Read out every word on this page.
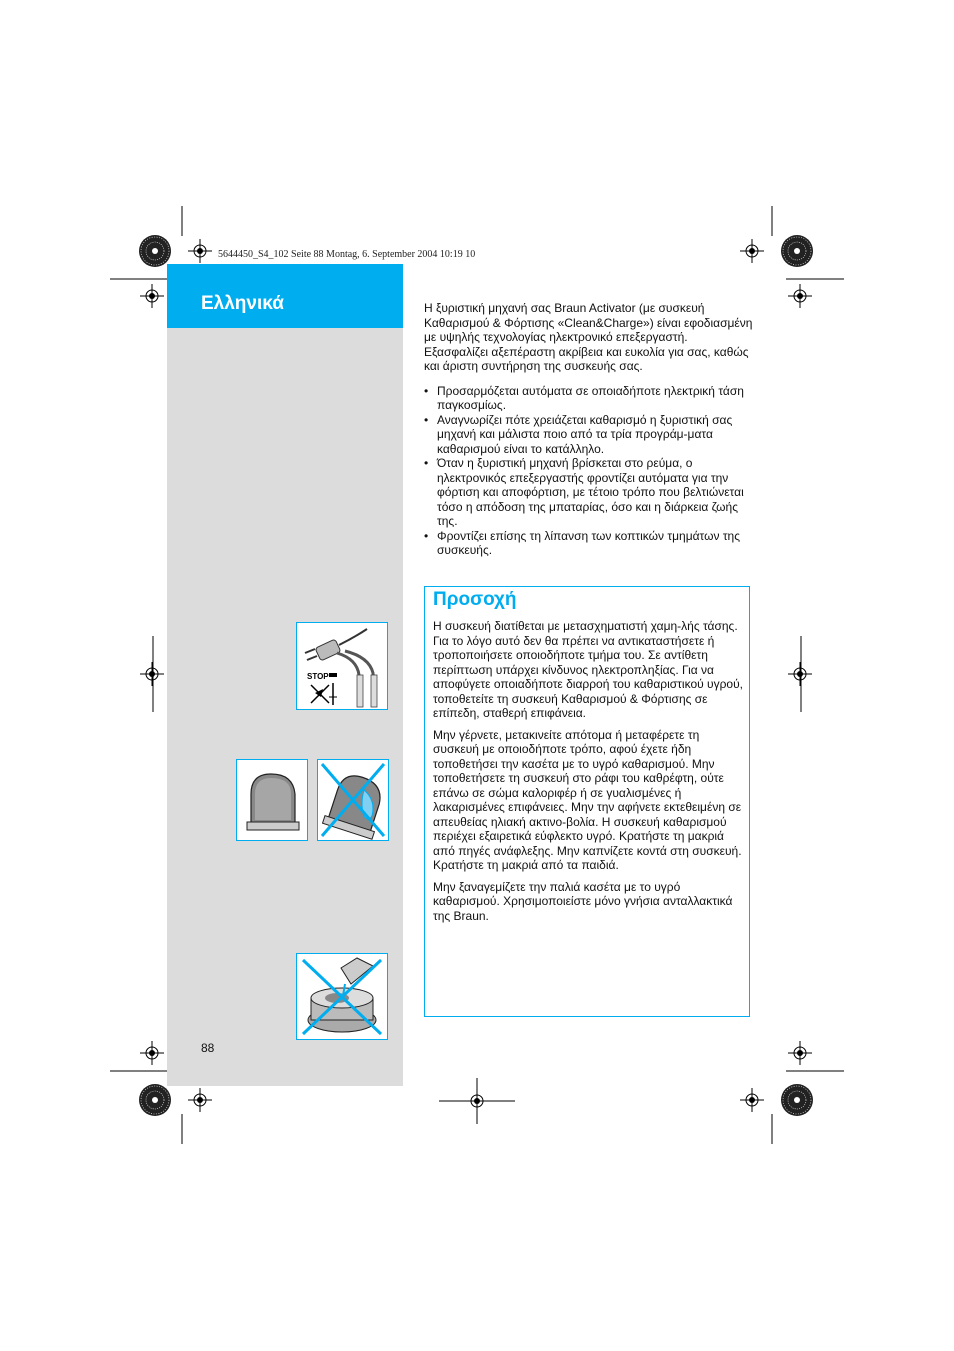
5644450_S4_102 Seite 88 Montag, 6. September 2004 10:19 10
Ελληνικά
88
STOP

Η ξυριστική μηχανή σας Braun Activator (με συσκευή Καθαρισμού & Φόρτισης «Clean&Charge») είναι εφοδιασμένη με υψηλής τεχνολογίας ηλεκτρονικό επεξεργαστή. Εξασφαλίζει αξεπέραστη ακρίβεια και ευκολία για σας, καθώς και άριστη συντήρηση της συσκευής σας.

• Προσαρμόζεται αυτόματα σε οποιαδήποτε ηλεκτρική τάση παγκοσμίως.
• Αναγνωρίζει πότε χρειάζεται καθαρισμό η ξυριστική σας μηχανή και μάλιστα ποιο από τα τρία προγράμ-ματα καθαρισμού είναι το κατάλληλο.
• Όταν η ξυριστική μηχανή βρίσκεται στο ρεύμα, ο ηλεκτρονικός επεξεργαστής φροντίζει αυτόματα για την φόρτιση και αποφόρτιση, με τέτοιο τρόπο που βελτιώνεται τόσο η απόδοση της μπαταρίας, όσο και η διάρκεια ζωής της.
• Φροντίζει επίσης τη λίπανση των κοπτικών τμημάτων της συσκευής.
Προσοχή

Η συσκευή διατίθεται με μετασχηματιστή χαμη-λής τάσης. Για το λόγο αυτό δεν θα πρέπει να αντικαταστήσετε ή τροποποιήσετε οποιοδήποτε τμήμα του. Σε αντίθετη περίπτωση υπάρχει κίνδυνος ηλεκτροπληξίας. Για να αποφύγετε οποιαδήποτε διαρροή του καθαριστικού υγρού, τοποθετείτε τη συσκευή Καθαρισμού & Φόρτισης σε επίπεδη, σταθερή επιφάνεια.

Μην γέρνετε, μετακινείτε απότομα ή μεταφέρετε τη συσκευή με οποιοδήποτε τρόπο, αφού έχετε ήδη τοποθετήσει την κασέτα με το υγρό καθαρισμού. Μην τοποθετήσετε τη συσκευή στο ράφι του καθρέφτη, ούτε επάνω σε σώμα καλοριφέρ ή σε γυαλισμένες ή λακαρισμένες επιφάνειες. Μην την αφήνετε εκτεθειμένη σε απευθείας ηλιακή ακτινο-βολία. Η συσκευή καθαρισμού περιέχει εξαιρετικά εύφλεκτο υγρό. Κρατήστε τη μακριά από πηγές ανάφλεξης. Μην καπνίζετε κοντά στη συσκευή. Κρατήστε τη μακριά από τα παιδιά.

Μην ξαναγεμίζετε την παλιά κασέτα με το υγρό καθαρισμού. Χρησιμοποιείστε μόνο γνήσια ανταλλακτικά της Braun.
